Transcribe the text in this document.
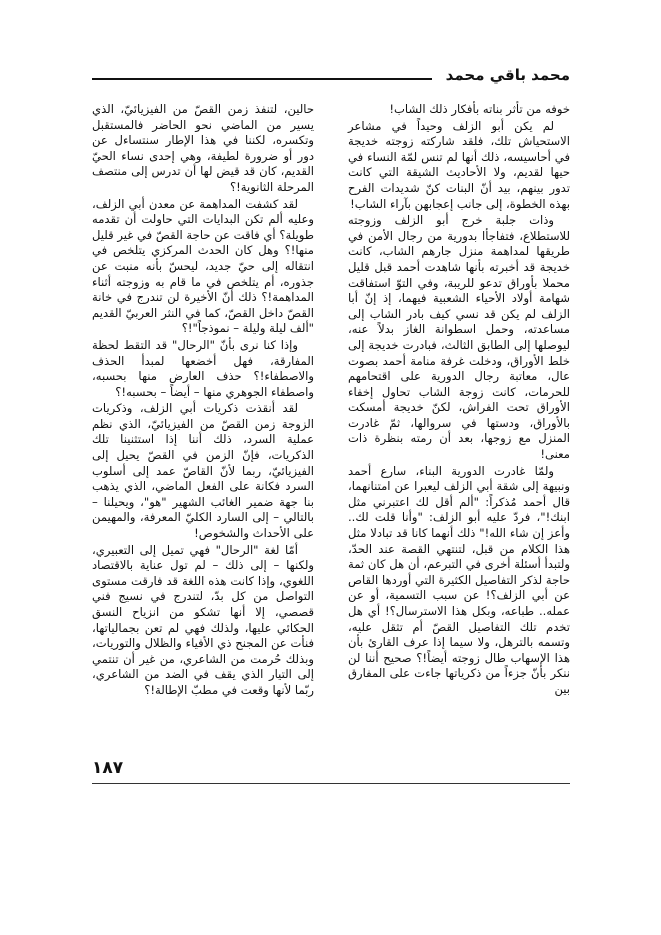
محمد باقي محمد

خوفه من تأثر بناته بأفكار ذلك الشاب!

لم يكن أبو الزلف وحيداً في مشاعر الاستحياش تلك، فلقد شاركته زوجته خديجة في أحاسيسه، ذلك أنها لم تنس لمّة النساء في حيها لقديم، ولا الأحاديث الشيقة التي كانت تدور بينهم، بيد أنّ البنات كنّ شديدات الفرح بهذه الخطوة، إلى جانب إعجابهن بآراء الشاب!

وذات جلبة خرج أبو الزلف وزوجته للاستطلاع، فتفاجأا بدورية من رجال الأمن في طريقها لمداهمة منزل جارهم الشاب، كانت خديجة قد أخبرته بأنها شاهدت أحمد قبل قليل محملا بأوراق تدعو للريبة، وفي التوّ استفاقت شهامة أولاد الأحياء الشعبية فيهما، إذ إنّ أبا الزلف لم يكن قد نسي كيف بادر الشاب إلى مساعدته، وحمل اسطوانة الغاز بدلاً عنه، ليوصلها إلى الطابق الثالث، فبادرت خديجة إلى خلط الأوراق، ودخلت غرفة منامة أحمد بصوت عال، معاتبة رجال الدورية على اقتحامهم للحرمات، كانت زوجة الشاب تحاول إخفاء الأوراق تحت الفراش، لكنّ خديجة أمسكت بالأوراق، ودستها في سروالها، ثمّ غادرت المنزل مع زوجها، بعد أن رمته بنظرة ذات معنى!

ولمّا غادرت الدورية البناء، سارع أحمد ونبيهة إلى شقة أبي الزلف ليعبرا عن امتنانهما، قال أحمد مُذكراً: "ألم أقل لك اعتبرني مثل ابنك!"، فردّ عليه أبو الزلف: "وأنا قلت لك.. وأعز إن شاء الله!" ذلك أنهما كانا قد تبادلا مثل هذا الكلام من قبل، لتنتهي القصة عند الحدّ، ولتبدأ أسئلة أخرى في التبرعم، أن هل كان ثمة حاجة لذكر التفاصيل الكثيرة التي أوردها القاص عن أبي الزلف؟! عن سبب التسمية، أو عن عمله.. طباعه، وبكل هذا الاسترسال؟! أي هل تخدم تلك التفاصيل القصّ أم تثقل عليه، وتسمه بالترهل، ولا سيما إذا عرف القارئ بأن هذا الإسهاب طال زوجته أيضاً!؟ صحيح أننا لن ننكر بأنّ جزءاً من ذكرياتها جاءت على المفارق بين

حالين، لتنفذ زمن القصّ من الفيزيائيّ، الذي يسير من الماضي نحو الحاضر فالمستقبل وتكسره، لكننا في هذا الإطار سنتساءل عن دور أو ضرورة لطيفة، وهي إحدى نساء الحيّ القديم، كان قد قيض لها أن تدرس إلى منتصف المرحلة الثانوية!؟

لقد كشفت المداهمة عن معدن أبي الزلف، وعليه ألم تكن البدايات التي حاولت أن تقدمه طويلة؟ أي فاقت عن حاجة القصّ في غير قليل منها!؟ وهل كان الحدث المركزي يتلخص في انتقاله إلى حيّ جديد، ليحسّ بأنه منبت عن جذوره، أم يتلخص في ما قام به وزوجته أثناء المداهمة!؟ ذلك أنّ الأخيرة لن تندرج في خانة القصّ داخل القصّ، كما في النثر العربيّ القديم "ألف ليلة وليلة – نموذجاً"!؟

وإذا كنا نرى بأنّ "الرحال" قد التقط لحظة المفارقة، فهل أخضعها لمبدأ الحذف والاصطفاء!؟ حذف العارض منها بحسبه، واصطفاء الجوهري منها – أيضاً – بحسبه!؟

لقد أنقذت ذكريات أبي الزلف، وذكريات الزوجة زمن القصّ من الفيزيائيّ، الذي نظم عملية السرد، ذلك أننا إذا استثنينا تلك الذكريات، فإنّ الزمن في القصّ يحيل إلى الفيزيائيّ، ربما لأنّ القاصّ عمد إلى أسلوب السرد فكانة على الفعل الماضي، الذي يذهب بنا جهة ضمير الغائب الشهير "هو"، ويحيلنا – بالتالي – إلى السارد الكليّ المعرفة، والمهيمن على الأحداث والشخوص!

أمّا لغة "الرحال" فهي تميل إلى التعبيري، ولكنها – إلى ذلك – لم تول عناية بالاقتصاد اللغوي، وإذا كانت هذه اللغة قد فارقت مستوى التواصل من كل بدّ، لتندرج في نسيج فني قصصي، إلا أنها تشكو من انزياح النسق الحكائي عليها، ولذلك فهي لم تعن بجمالياتها، فنأت عن المجنح ذي الأفياء والظلال والتوريات، وبذلك حُرمت من الشاعري، من غير أن تنتمي إلى التيار الذي يقف في الضد من الشاعري، ربّما لأنها وقعت في مطبّ الإطالة!؟

١٨٧
